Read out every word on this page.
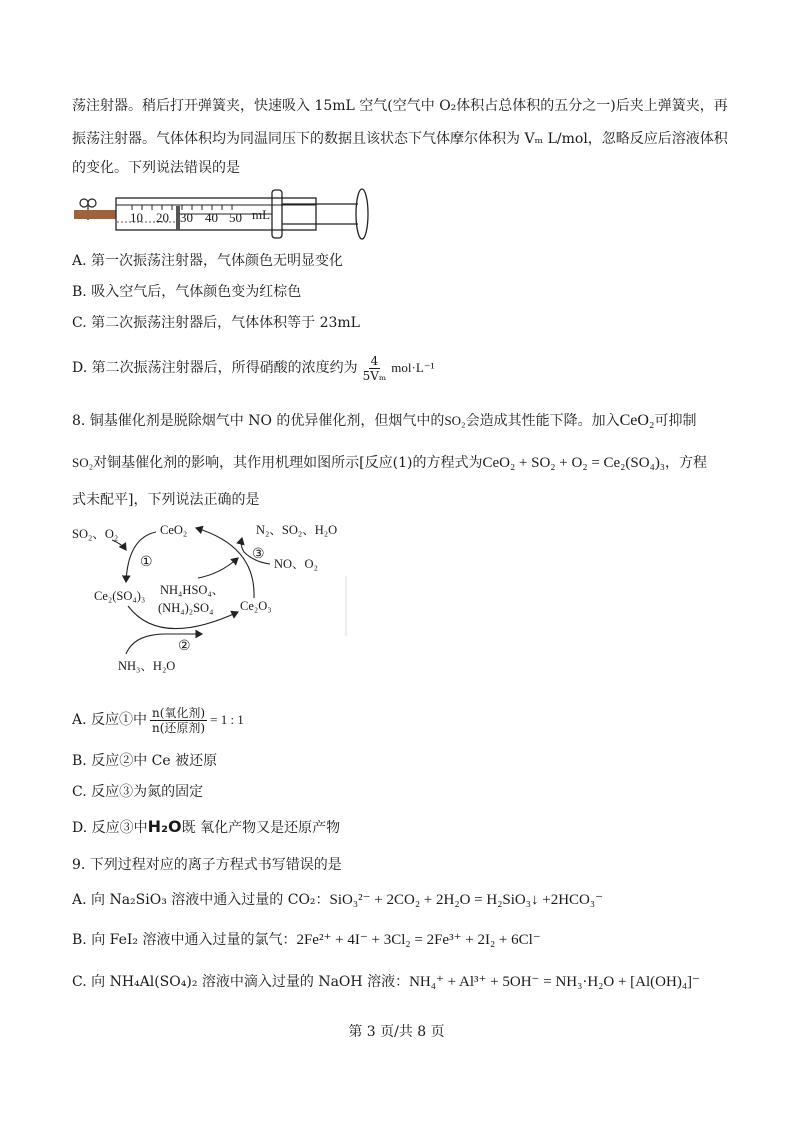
荡注射器。稍后打开弹簧夹，快速吸入 15mL 空气(空气中 O₂体积占总体积的五分之一)后夹上弹簧夹，再
振荡注射器。气体体积均为同温同压下的数据且该状态下气体摩尔体积为 Vₘ L/mol，忽略反应后溶液体积
的变化。下列说法错误的是
10 20 30 40 50 mL
A. 第一次振荡注射器，气体颜色无明显变化
B. 吸入空气后，气体颜色变为红棕色
C. 第二次振荡注射器后，气体体积等于 23mL
D. 第二次振荡注射器后，所得硝酸的浓度约为 $\frac{4}{\text{5Vₘ}} mol\cdot L^{-1}$
8. 铜基催化剂是脱除烟气中 NO 的优异催化剂，但烟气中的SO₂会造成其性能下降。加入CeO₂可抑制
SO₂对铜基催化剂的影响，其作用机理如图所示[反应(1)的方程式为CeO₂ + SO₂ + O₂ = Ce₂(SO₄)₃，方程
式未配平]，下列说法正确的是
SO₂、O₂	CeO₂	N₂、SO₂、H₂O
NO、O₂
Ce₂(SO₄)₃ NH₄HSO₄、
(NH₄)₂SO₄ Ce₂O₃
NH₃、H₂O
①
②
③
A. 反应①中 $\frac{\text{n(氧化剂)}}{\text{n(还原剂)}} = 1$ : 1
B. 反应②中 Ce 被还原
C. 反应③为氮的固定
D. 反应③中H₂O既 氧化产物又是还原产物
9. 下列过程对应的离子方程式书写错误的是
A. 向 Na₂SiO₃ 溶液中通入过量的 CO₂：SiO₃²⁻ + 2CO₂ + 2H₂O = H₂SiO₃↓ +2HCO₃⁻
B. 向 FeI₂ 溶液中通入过量的氯气：2Fe²⁺ + 4I⁻ + 3Cl₂ = 2Fe³⁺ + 2I₂ + 6Cl⁻
C. 向 NH₄Al(SO₄)₂ 溶液中滴入过量的 NaOH 溶液：NH₄⁺ + Al³⁺ + 5OH⁻ = NH₃·H₂O + [Al(OH)₄]⁻
第 3 页/共 8 页
